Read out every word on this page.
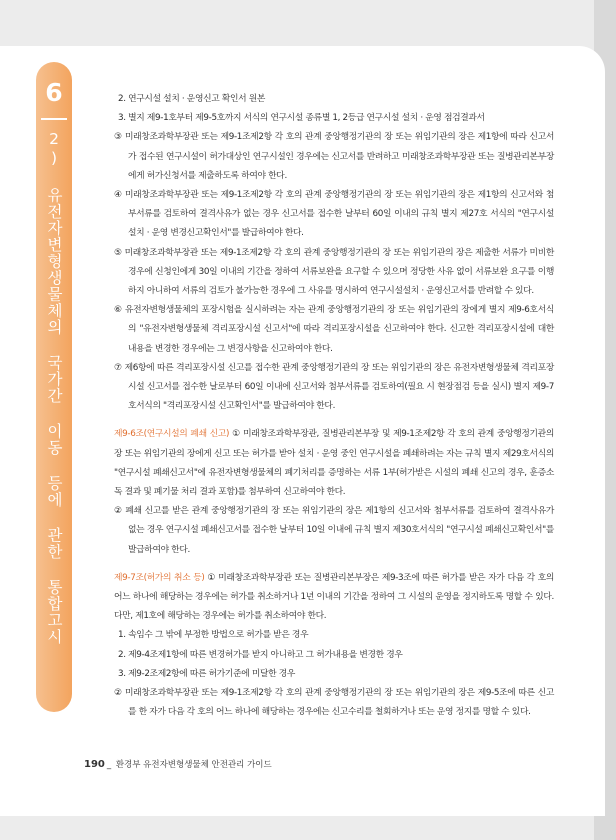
6
2) 유전자변형생물체의 국가간 이동 등에 관한 통합고시

2. 연구시설 설치 · 운영신고 확인서 원본

3. 별지 제9-1호부터 제9-5호까지 서식의 연구시설 종류별 1, 2등급 연구시설 설치 · 운영 점검결과서

③ 미래창조과학부장관 또는 제9-1조제2항 각 호의 관계 중앙행정기관의 장 또는 위임기관의 장은 제1항에 따라 신고서가 접수된 연구시설이 허가대상인 연구시설인 경우에는 신고서를 반려하고 미래창조과학부장관 또는 질병관리본부장에게 허가신청서를 제출하도록 하여야 한다.

④ 미래창조과학부장관 또는 제9-1조제2항 각 호의 관계 중앙행정기관의 장 또는 위임기관의 장은 제1항의 신고서와 첨부서류를 검토하여 결격사유가 없는 경우 신고서를 접수한 날부터 60일 이내의 규칙 별지 제27호 서식의 "연구시설 설치 · 운영 변경신고확인서"를 발급하여야 한다.

⑤ 미래창조과학부장관 또는 제9-1조제2항 각 호의 관계 중앙행정기관의 장 또는 위임기관의 장은 제출한 서류가 미비한 경우에 신청인에게 30일 이내의 기간을 정하여 서류보완을 요구할 수 있으며 정당한 사유 없이 서류보완 요구를 이행하지 아니하여 서류의 검토가 불가능한 경우에 그 사유를 명시하여 연구시설설치 · 운영신고서를 반려할 수 있다.

⑥ 유전자변형생물체의 포장시험을 실시하려는 자는 관계 중앙행정기관의 장 또는 위임기관의 장에게 별지 제9-6호서식의 "유전자변형생물체 격리포장시설 신고서"에 따라 격리포장시설을 신고하여야 한다. 신고한 격리포장시설에 대한 내용을 변경한 경우에는 그 변경사항을 신고하여야 한다.

⑦ 제6항에 따른 격리포장시설 신고를 접수한 관계 중앙행정기관의 장 또는 위임기관의 장은 유전자변형생물체 격리포장시설 신고서를 접수한 날로부터 60일 이내에 신고서와 첨부서류를 검토하여(필요 시 현장점검 등을 실시) 별지 제9-7호서식의 "격리포장시설 신고확인서"를 발급하여야 한다.

제9-6조(연구시설의 폐쇄 신고) ① 미래창조과학부장관, 질병관리본부장 및 제9-1조제2항 각 호의 관계 중앙행정기관의 장 또는 위임기관의 장에게 신고 또는 허가를 받아 설치 · 운영 중인 연구시설을 폐쇄하려는 자는 규칙 별지 제29호서식의 "연구시설 폐쇄신고서"에 유전자변형생물체의 폐기처리를 증명하는 서류 1부(허가받은 시설의 폐쇄 신고의 경우, 훈증소독 결과 및 폐기물 처리 결과 포함)를 첨부하여 신고하여야 한다.

② 폐쇄 신고를 받은 관계 중앙행정기관의 장 또는 위임기관의 장은 제1항의 신고서와 첨부서류를 검토하여 결격사유가 없는 경우 연구시설 폐쇄신고서를 접수한 날부터 10일 이내에 규칙 별지 제30호서식의 "연구시설 폐쇄신고확인서"를 발급하여야 한다.

제9-7조(허가의 취소 등) ① 미래창조과학부장관 또는 질병관리본부장은 제9-3조에 따른 허가를 받은 자가 다음 각 호의 어느 하나에 해당하는 경우에는 허가를 취소하거나 1년 이내의 기간을 정하여 그 시설의 운영을 정지하도록 명할 수 있다. 다만, 제1호에 해당하는 경우에는 허가를 취소하여야 한다.

1. 속임수 그 밖에 부정한 방법으로 허가를 받은 경우

2. 제9-4조제1항에 따른 변경허가를 받지 아니하고 그 허가내용을 변경한 경우

3. 제9-2조제2항에 따른 허가기준에 미달한 경우

② 미래창조과학부장관 또는 제9-1조제2항 각 호의 관계 중앙행정기관의 장 또는 위임기관의 장은 제9-5조에 따른 신고를 한 자가 다음 각 호의 어느 하나에 해당하는 경우에는 신고수리를 철회하거나 또는 운영 정지를 명할 수 있다.

190 _ 환경부 유전자변형생물체 안전관리 가이드
